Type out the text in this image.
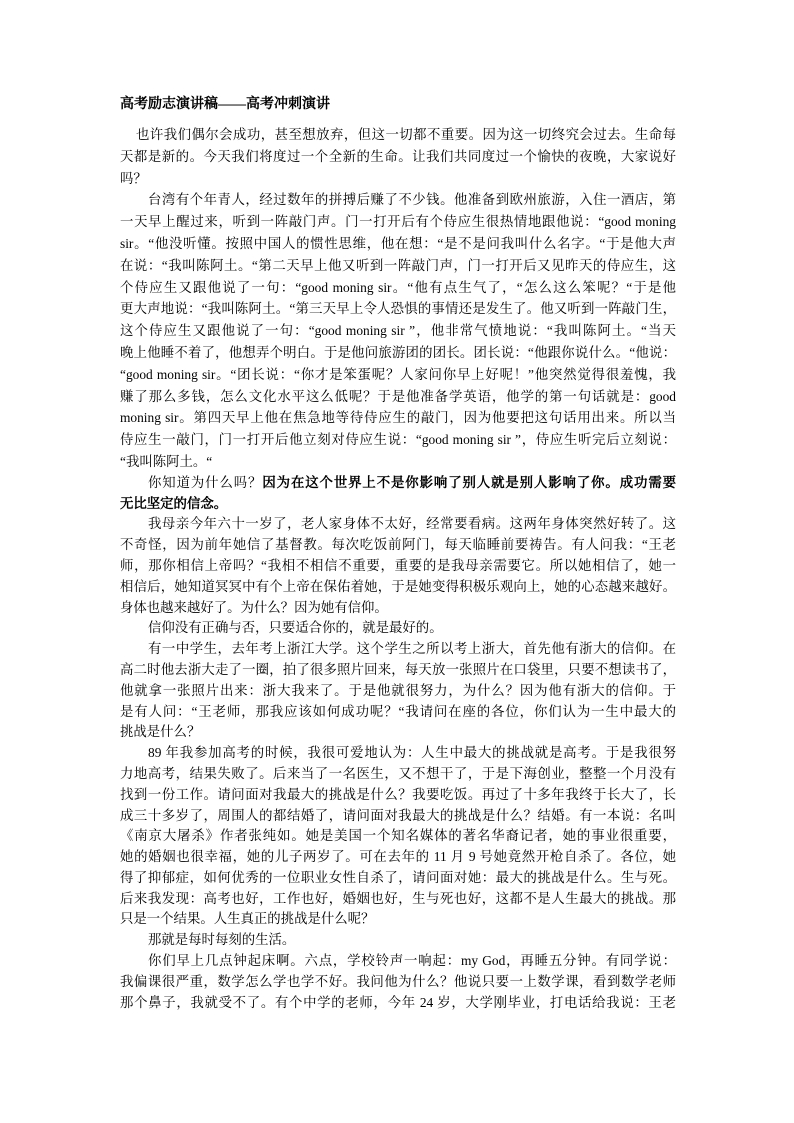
高考励志演讲稿——高考冲刺演讲
也许我们偶尔会成功，甚至想放弃，但这一切都不重要。因为这一切终究会过去。生命每
天都是新的。今天我们将度过一个全新的生命。让我们共同度过一个愉快的夜晚，大家说好
吗？
台湾有个年青人，经过数年的拼搏后赚了不少钱。他准备到欧州旅游，入住一酒店，第
一天早上醒过来，听到一阵敲门声。门一打开后有个侍应生很热情地跟他说：“good moning
sir。“他没听懂。按照中国人的惯性思维，他在想：“是不是问我叫什么名字。“于是他大声
在说：“我叫陈阿土。“第二天早上他又听到一阵敲门声，门一打开后又见昨天的侍应生，这
个侍应生又跟他说了一句：“good moning sir。“他有点生气了，“怎么这么笨呢？“于是他
更大声地说：“我叫陈阿土。“第三天早上令人恐惧的事情还是发生了。他又听到一阵敲门生，
这个侍应生又跟他说了一句：“good moning sir ”，他非常气愤地说：“我叫陈阿土。“当天
晚上他睡不着了，他想弄个明白。于是他问旅游团的团长。团长说：“他跟你说什么。“他说：
“good moning sir。“团长说：“你才是笨蛋呢？人家问你早上好呢！”他突然觉得很羞愧，我
赚了那么多钱，怎么文化水平这么低呢？于是他准备学英语，他学的第一句话就是：good
moning sir。第四天早上他在焦急地等待侍应生的敲门，因为他要把这句话用出来。所以当
侍应生一敲门，门一打开后他立刻对侍应生说：“good moning sir ”，侍应生听完后立刻说：
“我叫陈阿土。“
你知道为什么吗？因为在这个世界上不是你影响了别人就是别人影响了你。成功需要
无比坚定的信念。
我母亲今年六十一岁了，老人家身体不太好，经常要看病。这两年身体突然好转了。这
不奇怪，因为前年她信了基督教。每次吃饭前阿门，每天临睡前要祷告。有人问我：“王老
师，那你相信上帝吗？“我相不相信不重要，重要的是我母亲需要它。所以她相信了，她一
相信后，她知道冥冥中有个上帝在保佑着她，于是她变得积极乐观向上，她的心态越来越好。
身体也越来越好了。为什么？因为她有信仰。
信仰没有正确与否，只要适合你的，就是最好的。
有一中学生，去年考上浙江大学。这个学生之所以考上浙大，首先他有浙大的信仰。在
高二时他去浙大走了一圈，拍了很多照片回来，每天放一张照片在口袋里，只要不想读书了，
他就拿一张照片出来：浙大我来了。于是他就很努力，为什么？因为他有浙大的信仰。于
是有人问：“王老师，那我应该如何成功呢？“我请问在座的各位，你们认为一生中最大的
挑战是什么？
89 年我参加高考的时候，我很可爱地认为：人生中最大的挑战就是高考。于是我很努
力地高考，结果失败了。后来当了一名医生，又不想干了，于是下海创业，整整一个月没有
找到一份工作。请问面对我最大的挑战是什么？我要吃饭。再过了十多年我终于长大了，长
成三十多岁了，周围人的都结婚了，请问面对我最大的挑战是什么？结婚。有一本说：名叫
《南京大屠杀》作者张纯如。她是美国一个知名媒体的著名华裔记者，她的事业很重要，
她的婚姻也很幸福，她的儿子两岁了。可在去年的 11 月 9 号她竟然开枪自杀了。各位，她
得了抑郁症，如何优秀的一位职业女性自杀了，请问面对她：最大的挑战是什么。生与死。
后来我发现：高考也好，工作也好，婚姻也好，生与死也好，这都不是人生最大的挑战。那
只是一个结果。人生真正的挑战是什么呢？
那就是每时每刻的生活。
你们早上几点钟起床啊。六点，学校铃声一响起：my God，再睡五分钟。有同学说：
我偏课很严重，数学怎么学也学不好。我问他为什么？他说只要一上数学课，看到数学老师
那个鼻子，我就受不了。有个中学的老师，今年 24 岁，大学刚毕业，打电话给我说：王老
